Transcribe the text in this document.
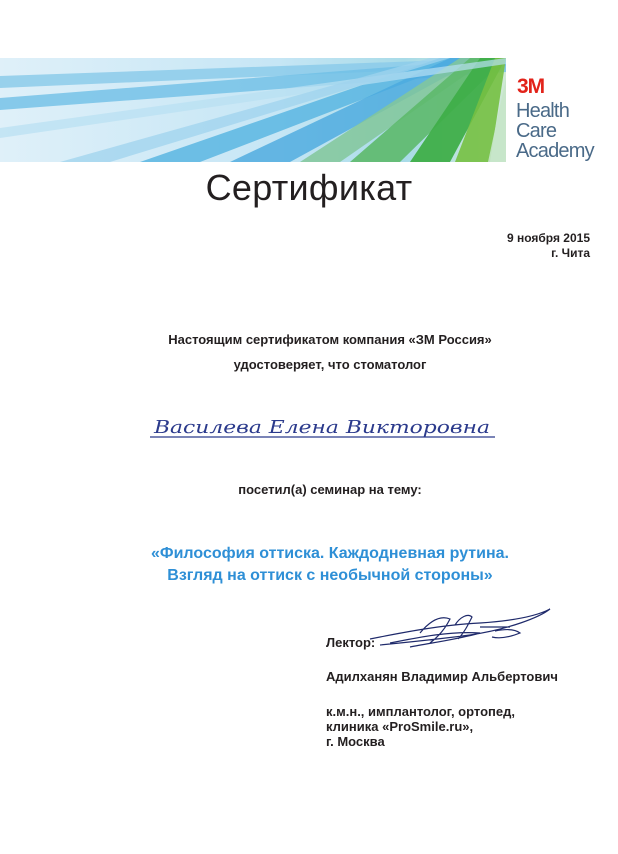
3M
Health
Care
Academy
Сертификат
9 ноября 2015
г. Чита
Настоящим сертификатом компания «ЗМ Россия»
удостоверяет, что стоматолог
Василева Елена Викторовна
посетил(а) семинар на тему:
«Философия оттиска. Каждодневная рутина.
Взгляд на оттиск с необычной стороны»
Лектор:
Адилханян Владимир Альбертович
к.м.н., имплантолог, ортопед,
клиника «ProSmile.ru»,
г. Москва
